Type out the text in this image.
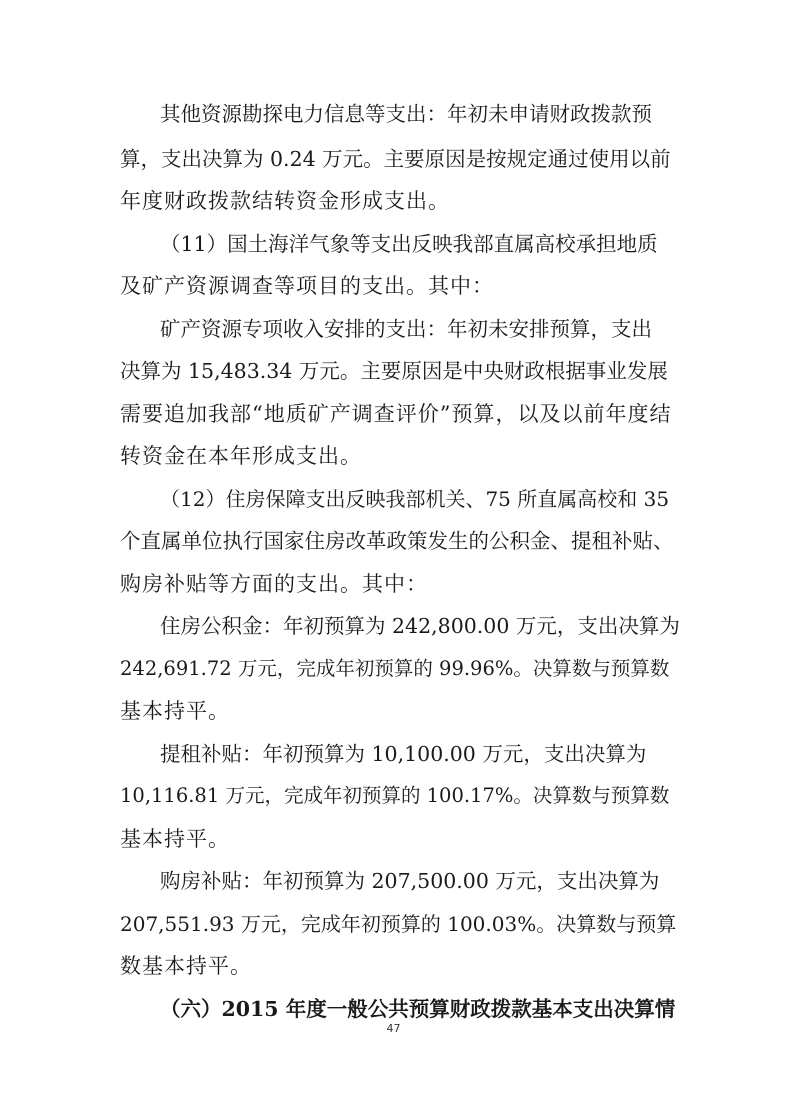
其他资源勘探电力信息等支出：年初未申请财政拨款预
算，支出决算为 0.24 万元。主要原因是按规定通过使用以前
年度财政拨款结转资金形成支出。
（11）国土海洋气象等支出反映我部直属高校承担地质
及矿产资源调查等项目的支出。其中：
矿产资源专项收入安排的支出：年初未安排预算，支出
决算为 15,483.34 万元。主要原因是中央财政根据事业发展
需要追加我部“地质矿产调查评价”预算，以及以前年度结
转资金在本年形成支出。
（12）住房保障支出反映我部机关、75 所直属高校和 35
个直属单位执行国家住房改革政策发生的公积金、提租补贴、
购房补贴等方面的支出。其中：
住房公积金：年初预算为 242,800.00 万元，支出决算为
242,691.72 万元，完成年初预算的 99.96%。决算数与预算数
基本持平。
提租补贴：年初预算为 10,100.00 万元，支出决算为
10,116.81 万元，完成年初预算的 100.17%。决算数与预算数
基本持平。
购房补贴：年初预算为 207,500.00 万元，支出决算为
207,551.93 万元，完成年初预算的 100.03%。决算数与预算
数基本持平。
（六）2015 年度一般公共预算财政拨款基本支出决算情
47
